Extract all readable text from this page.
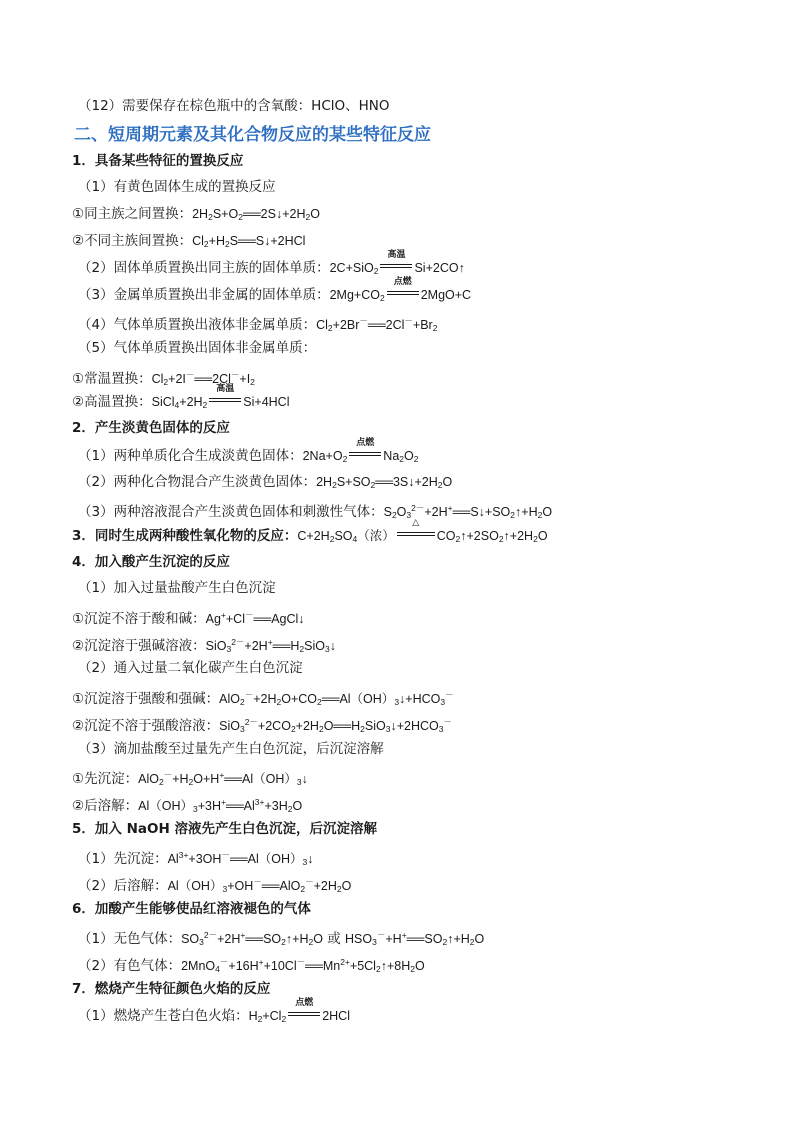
（12）需要保存在棕色瓶中的含氧酸：HClO、HNO
二、短周期元素及其化合物反应的某些特征反应
1．具备某些特征的置换反应
（1）有黄色固体生成的置换反应
①同主族之间置换：$2H_2S+O_2══2S↓+2H_2O$
②不同主族间置换：$Cl_2+H_2S══S↓+2HCl$
（2）固体单质置换出同主族的固体单质：2C+SiO$_2$
高温
Si+2CO↑
（3）金属单质置换出非金属的固体单质：$2Mg+CO_2$
点燃
2MgO+C
（4）气体单质置换出液体非金属单质：$Cl_2+2Br^-══2Cl^-+Br_2$
（5）气体单质置换出固体非金属单质：
①常温置换：$Cl_2+2I^-══2Cl^-+I_2$
②高温置换：$SiCl_4+2H_2$
高温
Si+4HCl
2．产生淡黄色固体的反应
（1）两种单质化合生成淡黄色固体：$2Na+O_2$
点燃
$Na_2O_2$
（2）两种化合物混合产生淡黄色固体：$2H_2S+SO_2══3S↓+2H_2O$
（3）两种溶液混合产生淡黄色固体和刺激性气体：$S_2O_3^{2-}+2H^+══S↓+SO_2↑+H_2O$
3．同时生成两种酸性氧化物的反应：$C+2H_2SO_4$（浓）
△
$CO_2↑+2SO_2↑+2H_2O$
4．加入酸产生沉淀的反应
（1）加入过量盐酸产生白色沉淀
①沉淀不溶于酸和碱：Ag++Cl－══AgCl↓
②沉淀溶于强碱溶液：$SiO_3^{2-}+2H^+══H_2SiO_3↓$
（2）通入过量二氧化碳产生白色沉淀
①沉淀溶于强酸和强碱：$AlO_2^-+2H_2O+CO_2══Al(OH)_3↓+HCO_3^-$
②沉淀不溶于强酸溶液：$SiO_3^{2-}+2CO_2+2H_2O══H_2SiO_3↓+2HCO_3^-$
（3）滴加盐酸至过量先产生白色沉淀，后沉淀溶解
①先沉淀：$AlO_2^-+H_2O+H^+══Al(OH)_3↓$
②后溶解：$Al(OH)_3+3H^+══Al^{3+}+3H_2O$
5．加入 NaOH 溶液先产生白色沉淀，后沉淀溶解
（1）先沉淀：$Al^{3+}+3OH^-══Al(OH)_3↓$
（2）后溶解：$Al(OH)_3+OH^-══AlO_2^-+2H_2O$
6．加酸产生能够使品红溶液褪色的气体
（1）无色气体：$SO_3^{2-}+2H^+══SO_2↑+H_2O$ 或 $HSO_3^-+H^+══SO_2↑+H_2O$
（2）有色气体：$2MnO_4^-+16H^++10Cl^-══Mn^{2+}+5Cl_2↑+8H_2O$
7．燃烧产生特征颜色火焰的反应
（1）燃烧产生苍白色火焰：$H_2+Cl_2$
点燃
2HCl
